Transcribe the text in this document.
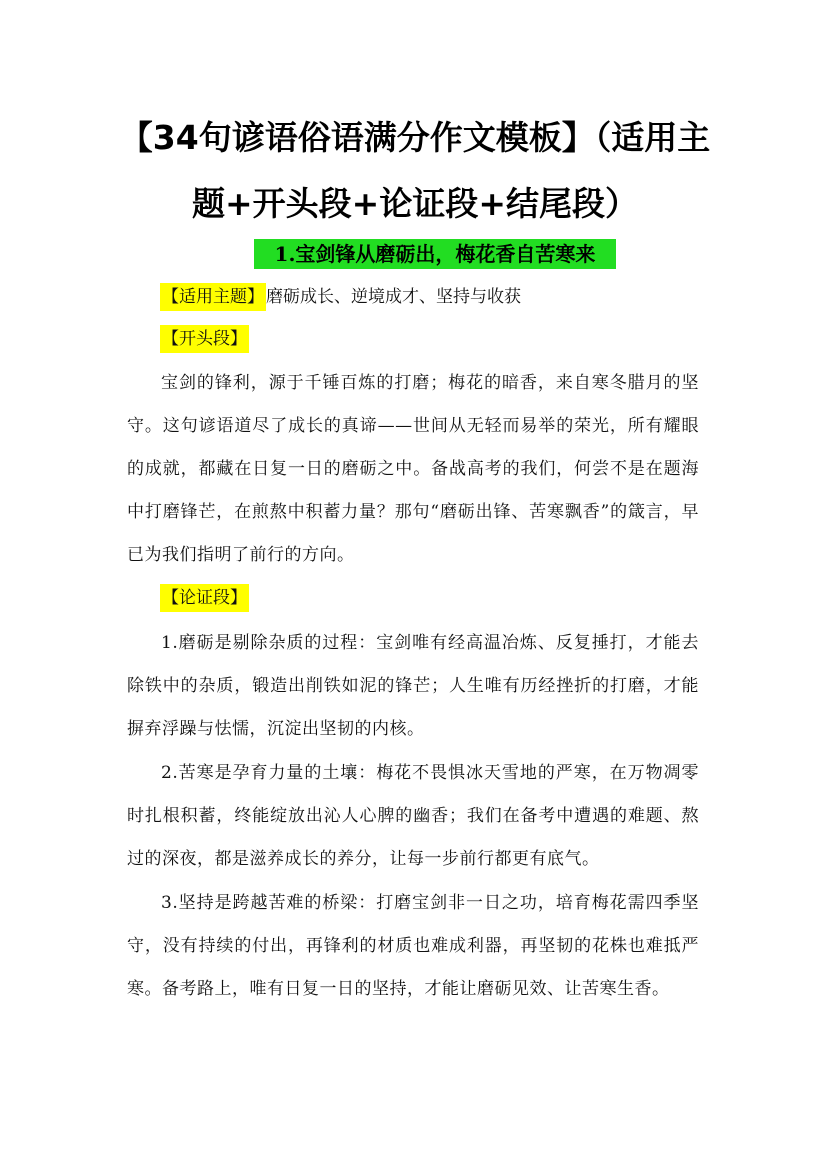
【34句谚语俗语满分作文模板】（适用主
题+开头段+论证段+结尾段）
1.宝剑锋从磨砺出，梅花香自苦寒来

【适用主题】 磨砺成长、逆境成才、坚持与收获

【开头段】

宝剑的锋利，源于千锤百炼的打磨；梅花的暗香，来自寒冬腊月的坚守。这句谚语道尽了成长的真谛——世间从无轻而易举的荣光，所有耀眼的成就，都藏在日复一日的磨砺之中。备战高考的我们，何尝不是在题海中打磨锋芒，在煎熬中积蓄力量？那句“磨砺出锋、苦寒飘香”的箴言，早已为我们指明了前行的方向。

【论证段】

1.磨砺是剔除杂质的过程：宝剑唯有经高温冶炼、反复捶打，才能去除铁中的杂质，锻造出削铁如泥的锋芒；人生唯有历经挫折的打磨，才能摒弃浮躁与怯懦，沉淀出坚韧的内核。

2.苦寒是孕育力量的土壤：梅花不畏惧冰天雪地的严寒，在万物凋零时扎根积蓄，终能绽放出沁人心脾的幽香；我们在备考中遭遇的难题、熬过的深夜，都是滋养成长的养分，让每一步前行都更有底气。

3.坚持是跨越苦难的桥梁：打磨宝剑非一日之功，培育梅花需四季坚守，没有持续的付出，再锋利的材质也难成利器，再坚韧的花株也难抵严寒。备考路上，唯有日复一日的坚持，才能让磨砺见效、让苦寒生香。
